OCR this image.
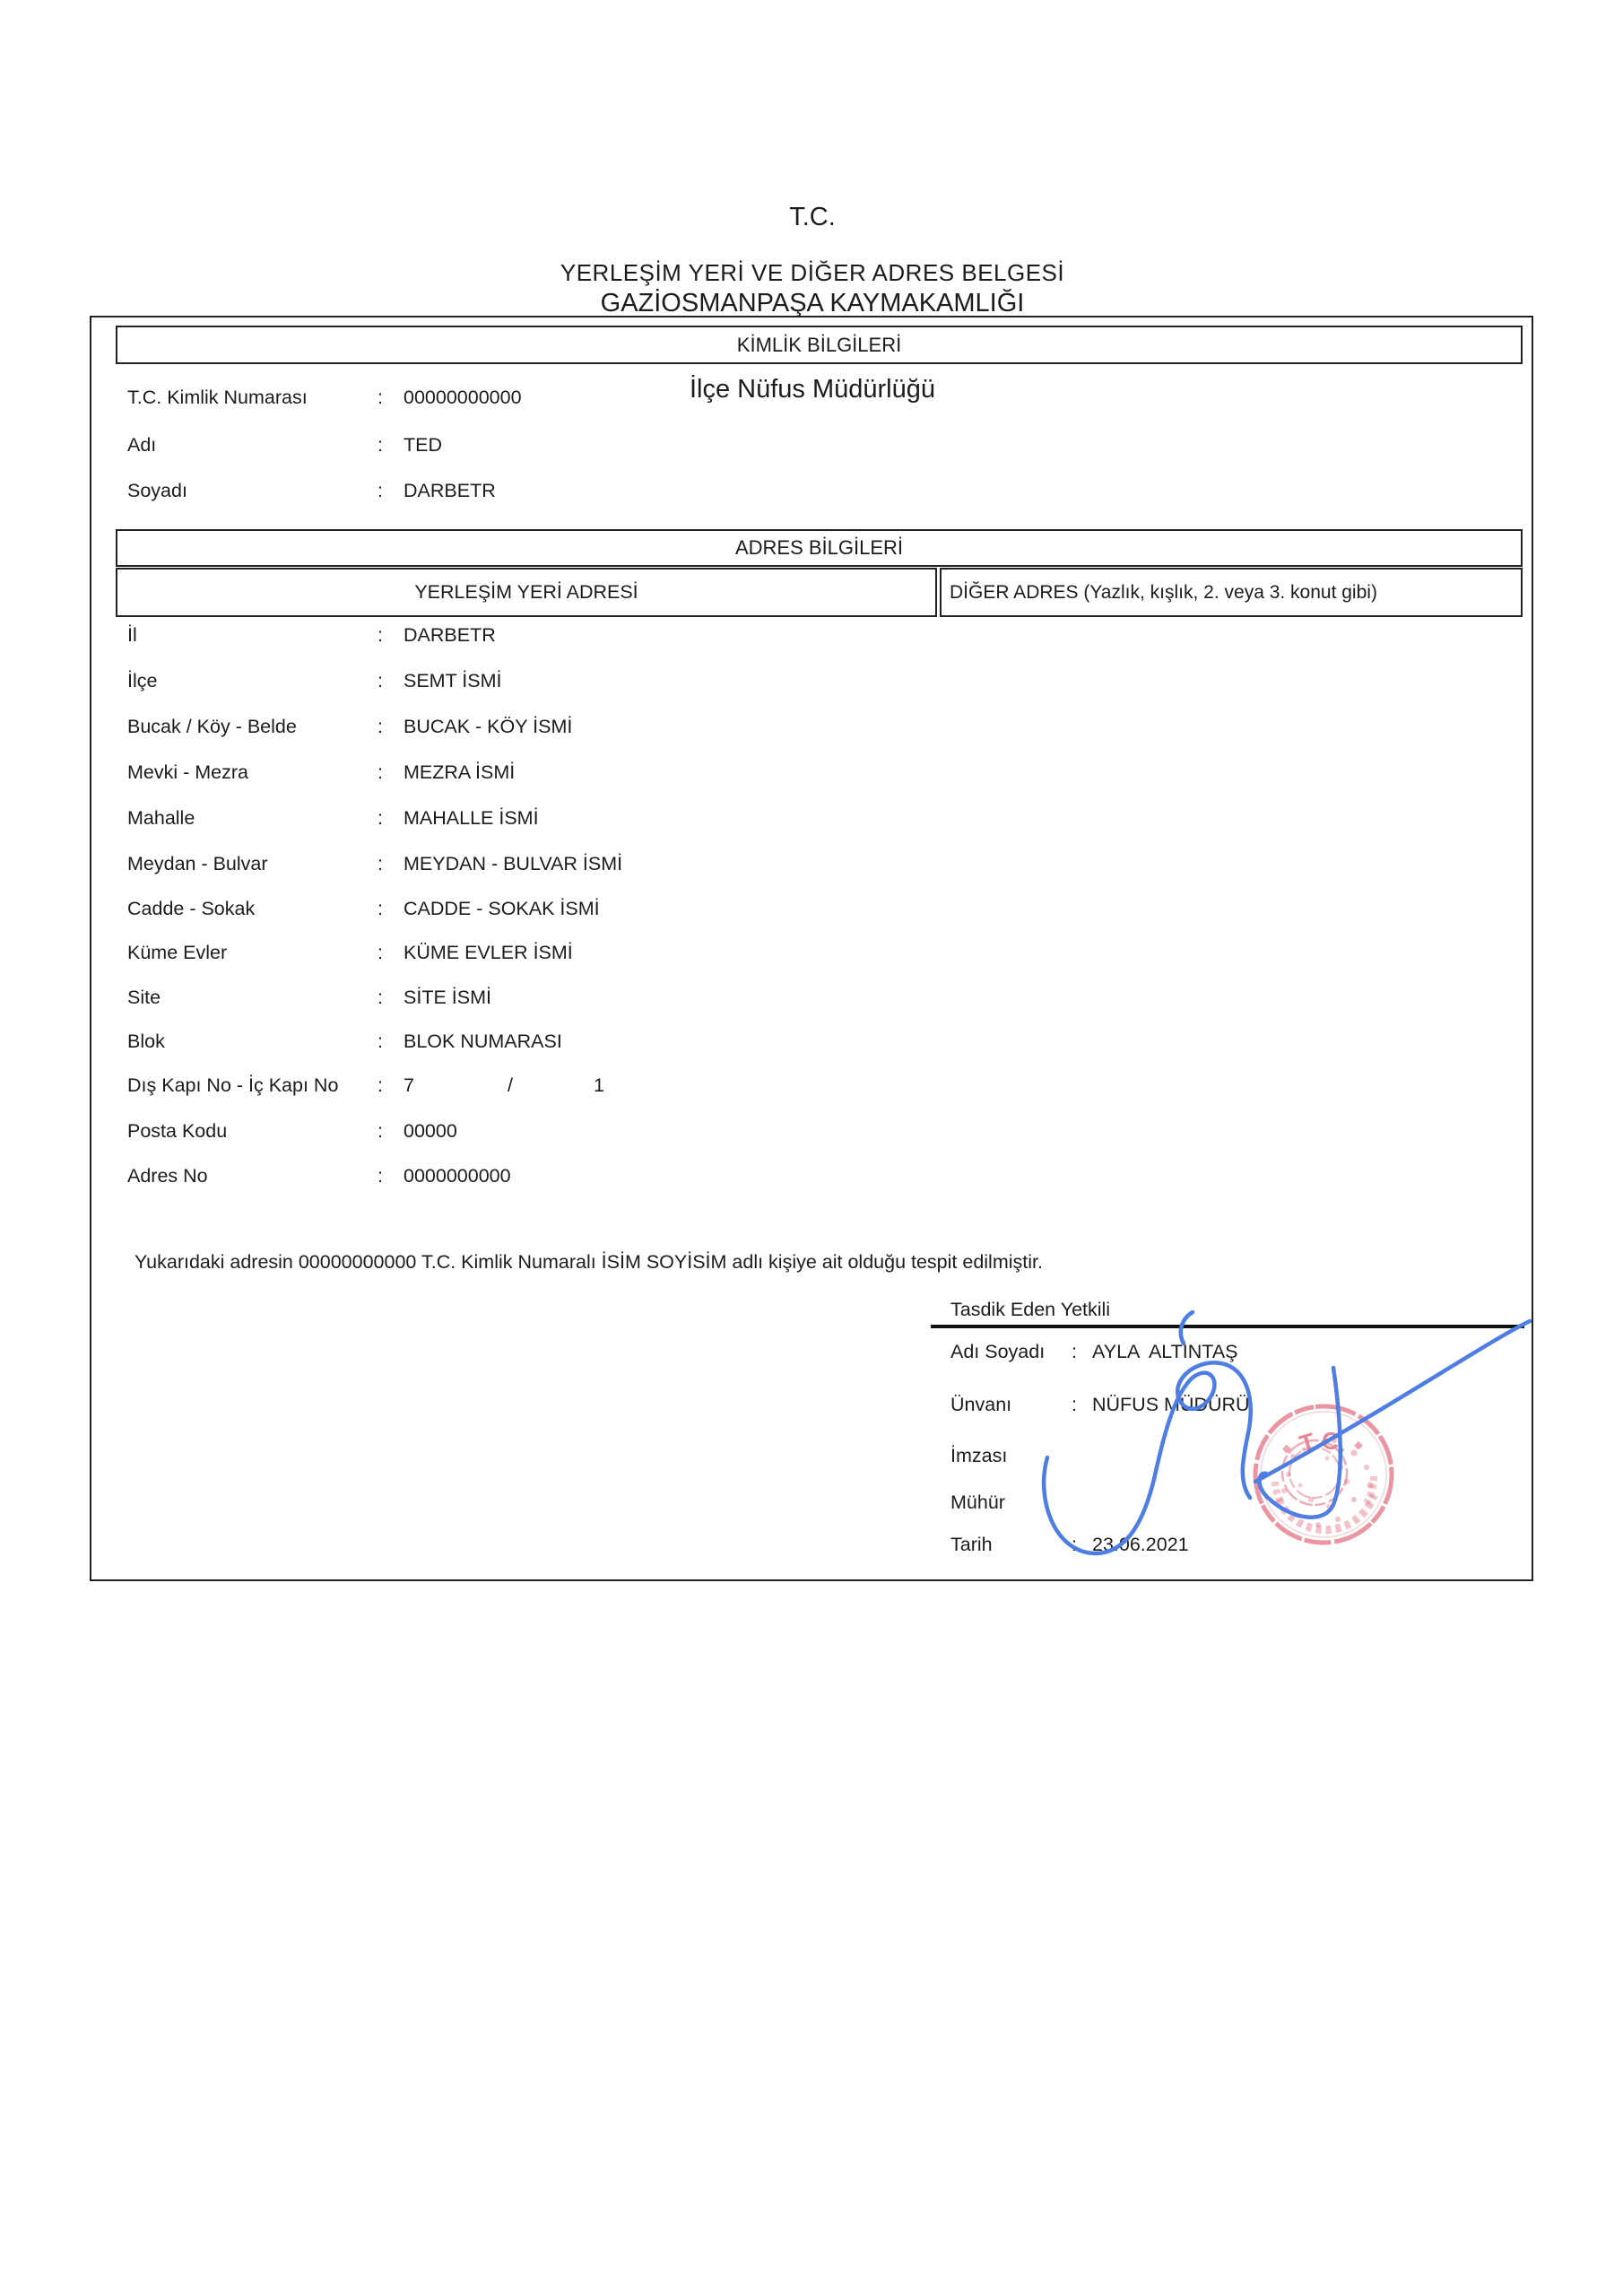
T.C.

GAZİOSMANPAŞA KAYMAKAMLIĞI

İlçe Nüfus Müdürlüğü

YERLEŞİM YERİ VE DİĞER ADRES BELGESİ
KİMLİK BİLGİLERİ
T.C. Kimlik Numarası	: 00000000000
Adı	: TED
Soyadı	: DARBETR
ADRES BİLGİLERİ
YERLEŞİM YERİ ADRESİ	DİĞER ADRES (Yazlık, kışlık, 2. veya 3. konut gibi)
İl	: DARBETR
İlçe	: SEMT İSMİ
Bucak / Köy - Belde	: BUCAK - KÖY İSMİ
Mevki - Mezra	: MEZRA İSMİ
Mahalle	: MAHALLE İSMİ
Meydan - Bulvar	: MEYDAN - BULVAR İSMİ
Cadde - Sokak	: CADDE - SOKAK İSMİ
Küme Evler	: KÜME EVLER İSMİ
Site	: SİTE İSMİ
Blok	: BLOK NUMARASI
Dış Kapı No - İç Kapı No : 7	/	1
Posta Kodu	: 00000
Adres No	: 0000000000
Yukarıdaki adresin 00000000000 T.C. Kimlik Numaralı İSİM SOYİSİM adlı kişiye ait olduğu tespit edilmiştir.
Tasdik Eden Yetkili
Adı Soyadı : AYLA  ALTINTAŞ
Ünvanı	: NÜFUS MÜDÜRÜ
İmzası
Mühür
Tarih	: 23.06.2021
T.C.
